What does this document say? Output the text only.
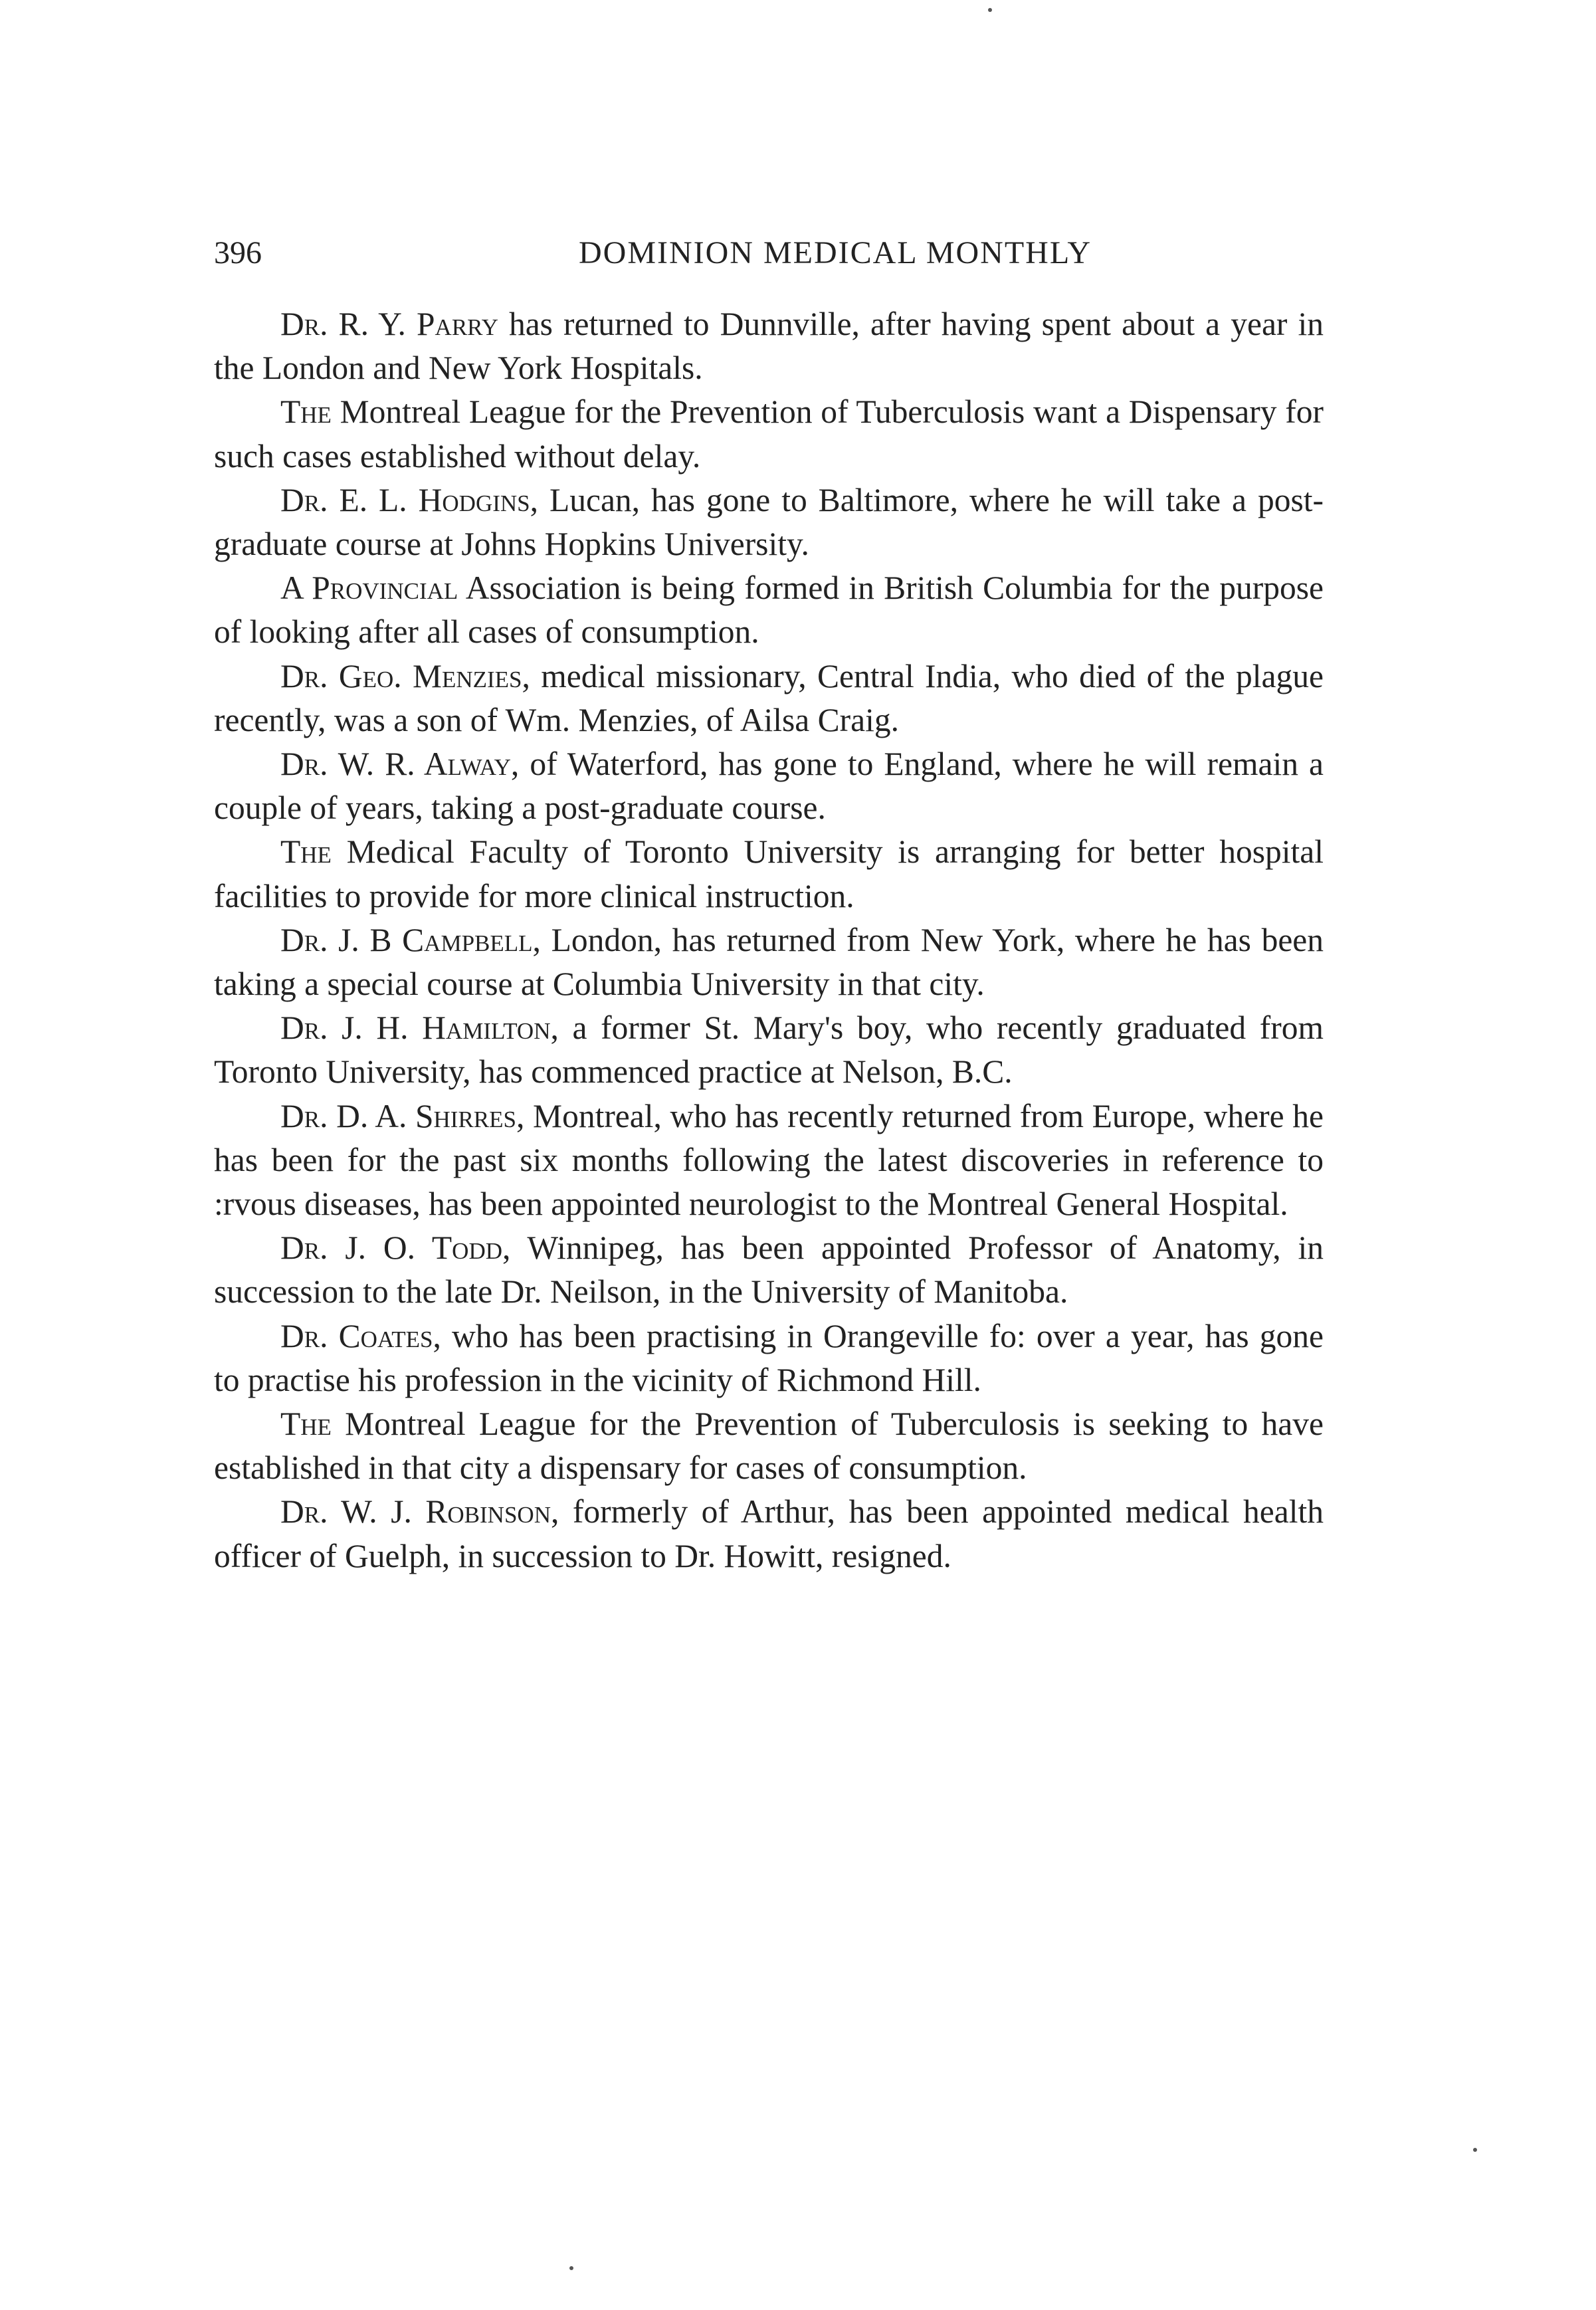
396	DOMINION MEDICAL MONTHLY

Dr. R. Y. Parry has returned to Dunnville, after having spent about a year in the London and New York Hospitals.

The Montreal League for the Prevention of Tuberculosis want a Dispensary for such cases established without delay.

Dr. E. L. Hodgins, Lucan, has gone to Baltimore, where he will take a post-graduate course at Johns Hopkins University.

A Provincial Association is being formed in British Columbia for the purpose of looking after all cases of consumption.

Dr. Geo. Menzies, medical missionary, Central India, who died of the plague recently, was a son of Wm. Menzies, of Ailsa Craig.

Dr. W. R. Alway, of Waterford, has gone to England, where he will remain a couple of years, taking a post-graduate course.

The Medical Faculty of Toronto University is arranging for better hospital facilities to provide for more clinical instruction.

Dr. J. B Campbell, London, has returned from New York, where he has been taking a special course at Columbia University in that city.

Dr. J. H. Hamilton, a former St. Mary's boy, who recently graduated from Toronto University, has commenced practice at Nelson, B.C.

Dr. D. A. Shirres, Montreal, who has recently returned from Europe, where he has been for the past six months following the latest discoveries in reference to :rvous diseases, has been appointed neurologist to the Montreal General Hospital.

Dr. J. O. Todd, Winnipeg, has been appointed Professor of Anatomy, in succession to the late Dr. Neilson, in the University of Manitoba.

Dr. Coates, who has been practising in Orangeville fo: over a year, has gone to practise his profession in the vicinity of Richmond Hill.

The Montreal League for the Prevention of Tuberculosis is seeking to have established in that city a dispensary for cases of consumption.

Dr. W. J. Robinson, formerly of Arthur, has been appointed medical health officer of Guelph, in succession to Dr. Howitt, resigned.
